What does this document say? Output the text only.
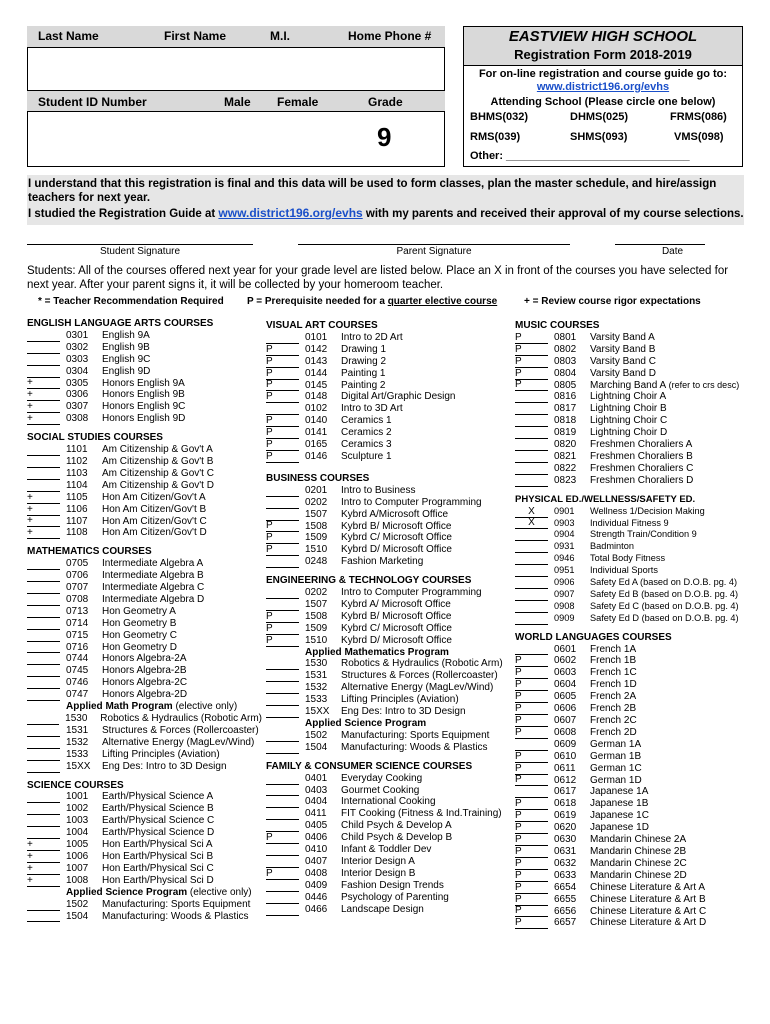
Last Name	First Name	M.I.	Home Phone #
Student ID Number	Male Female	Grade
9
EASTVIEW HIGH SCHOOL
Registration Form 2018-2019
For on-line registration and course guide go to:
www.district196.org/evhs
Attending School (Please circle one below)
BHMS(032)	DHMS(025)	FRMS(086)
RMS(039)	SHMS(093)	VMS(098)
Other: ______________________________
I understand that this registration is final and this data will be used to form classes, plan the master schedule, and hire/assign teachers for next year.
I studied the Registration Guide at www.district196.org/evhs with my parents and received their approval of my course selections.
Student Signature	Parent Signature	Date
Students: All of the courses offered next year for your grade level are listed below. Place an X in front of the courses you have selected for next year. After your parent signs it, it will be collected by your homeroom teacher.
* = Teacher Recommendation Required P = Prerequisite needed for a quarter elective course	+ = Review course rigor expectations
ENGLISH LANGUAGE ARTS COURSES
0301	English 9A
0302	English 9B
0303	English 9C
0304	English 9D
+	0305	Honors English 9A
+	0306	Honors English 9B
+	0307	Honors English 9C
+	0308	Honors English 9D
SOCIAL STUDIES COURSES
1101	Am Citizenship & Gov't A
1102	Am Citizenship & Gov't B
1103	Am Citizenship & Gov't C
1104	Am Citizenship & Gov't D
+	1105	Hon Am Citizen/Gov't A
+	1106	Hon Am Citizen/Gov't B
+	1107	Hon Am Citizen/Gov't C
+	1108	Hon Am Citizen/Gov't D
MATHEMATICS COURSES
0705	Intermediate Algebra A
0706	Intermediate Algebra B
0707	Intermediate Algebra C
0708	Intermediate Algebra D
0713	Hon Geometry A
0714	Hon Geometry B
0715	Hon Geometry C
0716	Hon Geometry D
0744	Honors Algebra-2A
0745	Honors Algebra-2B
0746	Honors Algebra-2C
0747	Honors Algebra-2D
Applied Math Program (elective only)
1530	Robotics & Hydraulics (Robotic Arm)
1531	Structures & Forces (Rollercoaster)
1532	Alternative Energy (MagLev/Wind)
1533	Lifting Principles (Aviation)
15XX	Eng Des: Intro to 3D Design
SCIENCE COURSES
1001	Earth/Physical Science A
1002	Earth/Physical Science B
1003	Earth/Physical Science C
1004	Earth/Physical Science D
+	1005	Hon Earth/Physical Sci A
+	1006	Hon Earth/Physical Sci B
+	1007	Hon Earth/Physical Sci C
+	1008	Hon Earth/Physical Sci D
Applied Science Program (elective only)
1502	Manufacturing: Sports Equipment
1504	Manufacturing: Woods & Plastics
VISUAL ART COURSES
0101	Intro to 2D Art
P	0142	Drawing 1
P	0143	Drawing 2
P	0144	Painting 1
P	0145	Painting 2
P	0148	Digital Art/Graphic Design
0102	Intro to 3D Art
P	0140	Ceramics 1
P	0141	Ceramics 2
P	0165	Ceramics 3
P	0146	Sculpture 1
BUSINESS COURSES
0201	Intro to Business
0202	Intro to Computer Programming
1507	Kybrd A/Microsoft Office
P	1508	Kybrd B/ Microsoft Office
P	1509	Kybrd C/ Microsoft Office
P	1510	Kybrd D/ Microsoft Office
0248	Fashion Marketing
ENGINEERING & TECHNOLOGY COURSES
0202	Intro to Computer Programming
1507	Kybrd A/ Microsoft Office
P	1508	Kybrd B/ Microsoft Office
P	1509	Kybrd C/ Microsoft Office
P	1510	Kybrd D/ Microsoft Office
Applied Mathematics Program
1530	Robotics & Hydraulics (Robotic Arm)
1531	Structures & Forces (Rollercoaster)
1532	Alternative Energy (MagLev/Wind)
1533	Lifting Principles (Aviation)
15XX	Eng Des: Intro to 3D Design
Applied Science Program
1502	Manufacturing: Sports Equipment
1504	Manufacturing: Woods & Plastics
FAMILY & CONSUMER SCIENCE COURSES
0401	Everyday Cooking
0403	Gourmet Cooking
0404	International Cooking
0411	FIT Cooking (Fitness & Ind.Training)
0405	Child Psych & Develop A
P	0406	Child Psych & Develop B
0410	Infant & Toddler Dev
0407	Interior Design A
P	0408	Interior Design B
0409	Fashion Design Trends
0446	Psychology of Parenting
0466	Landscape Design
MUSIC COURSES
P	0801	Varsity Band A
P	0802	Varsity Band B
P	0803	Varsity Band C
P	0804	Varsity Band D
P	0805	Marching Band A (refer to crs desc)
0816	Lightning Choir A
0817	Lightning Choir B
0818	Lightning Choir C
0819	Lightning Choir D
0820	Freshmen Choraliers A
0821	Freshmen Choraliers B
0822	Freshmen Choraliers C
0823	Freshmen Choraliers D
PHYSICAL ED./WELLNESS/SAFETY ED.
X	0901	Wellness 1/Decision Making
X	0903	Individual Fitness 9
0904	Strength Train/Condition 9
0931	Badminton
0946	Total Body Fitness
0951	Individual Sports
0906	Safety Ed A (based on D.O.B. pg. 4)
0907	Safety Ed B (based on D.O.B. pg. 4)
0908	Safety Ed C (based on D.O.B. pg. 4)
0909	Safety Ed D (based on D.O.B. pg. 4)
WORLD LANGUAGES COURSES
0601	French 1A
P	0602	French 1B
P	0603	French 1C
P	0604	French 1D
P	0605	French 2A
P	0606	French 2B
P	0607	French 2C
P	0608	French 2D
0609	German 1A
P	0610	German 1B
P	0611	German 1C
P	0612	German 1D
0617	Japanese 1A
P	0618	Japanese 1B
P	0619	Japanese 1C
P	0620	Japanese 1D
P	0630	Mandarin Chinese 2A
P	0631	Mandarin Chinese 2B
P	0632	Mandarin Chinese 2C
P	0633	Mandarin Chinese 2D
P	6654	Chinese Literature & Art A
P	6655	Chinese Literature & Art B
P	6656	Chinese Literature & Art C
P	6657	Chinese Literature & Art D
